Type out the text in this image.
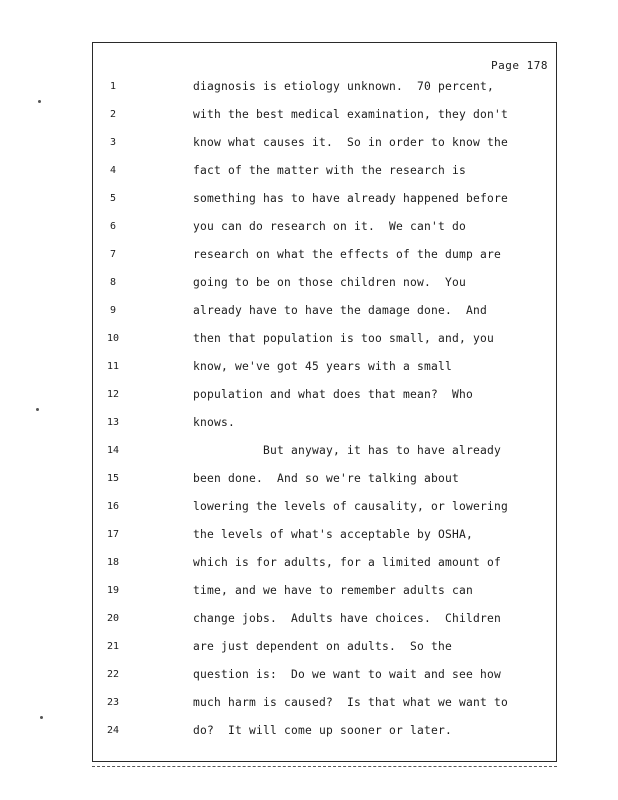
Page 178
1
2
3
4
5
6
7
8
9
10
11
12
13
14
15
16
17
18
19
20
21
22
23
24
diagnosis is etiology unknown.  70 percent,
with the best medical examination, they don't
know what causes it.  So in order to know the
fact of the matter with the research is
something has to have already happened before
you can do research on it.  We can't do
research on what the effects of the dump are
going to be on those children now.  You
already have to have the damage done.  And
then that population is too small, and, you
know, we've got 45 years with a small
population and what does that mean?  Who
knows.
But anyway, it has to have already
been done.  And so we're talking about
lowering the levels of causality, or lowering
the levels of what's acceptable by OSHA,
which is for adults, for a limited amount of
time, and we have to remember adults can
change jobs.  Adults have choices.  Children
are just dependent on adults.  So the
question is:  Do we want to wait and see how
much harm is caused?  Is that what we want to
do?  It will come up sooner or later.
